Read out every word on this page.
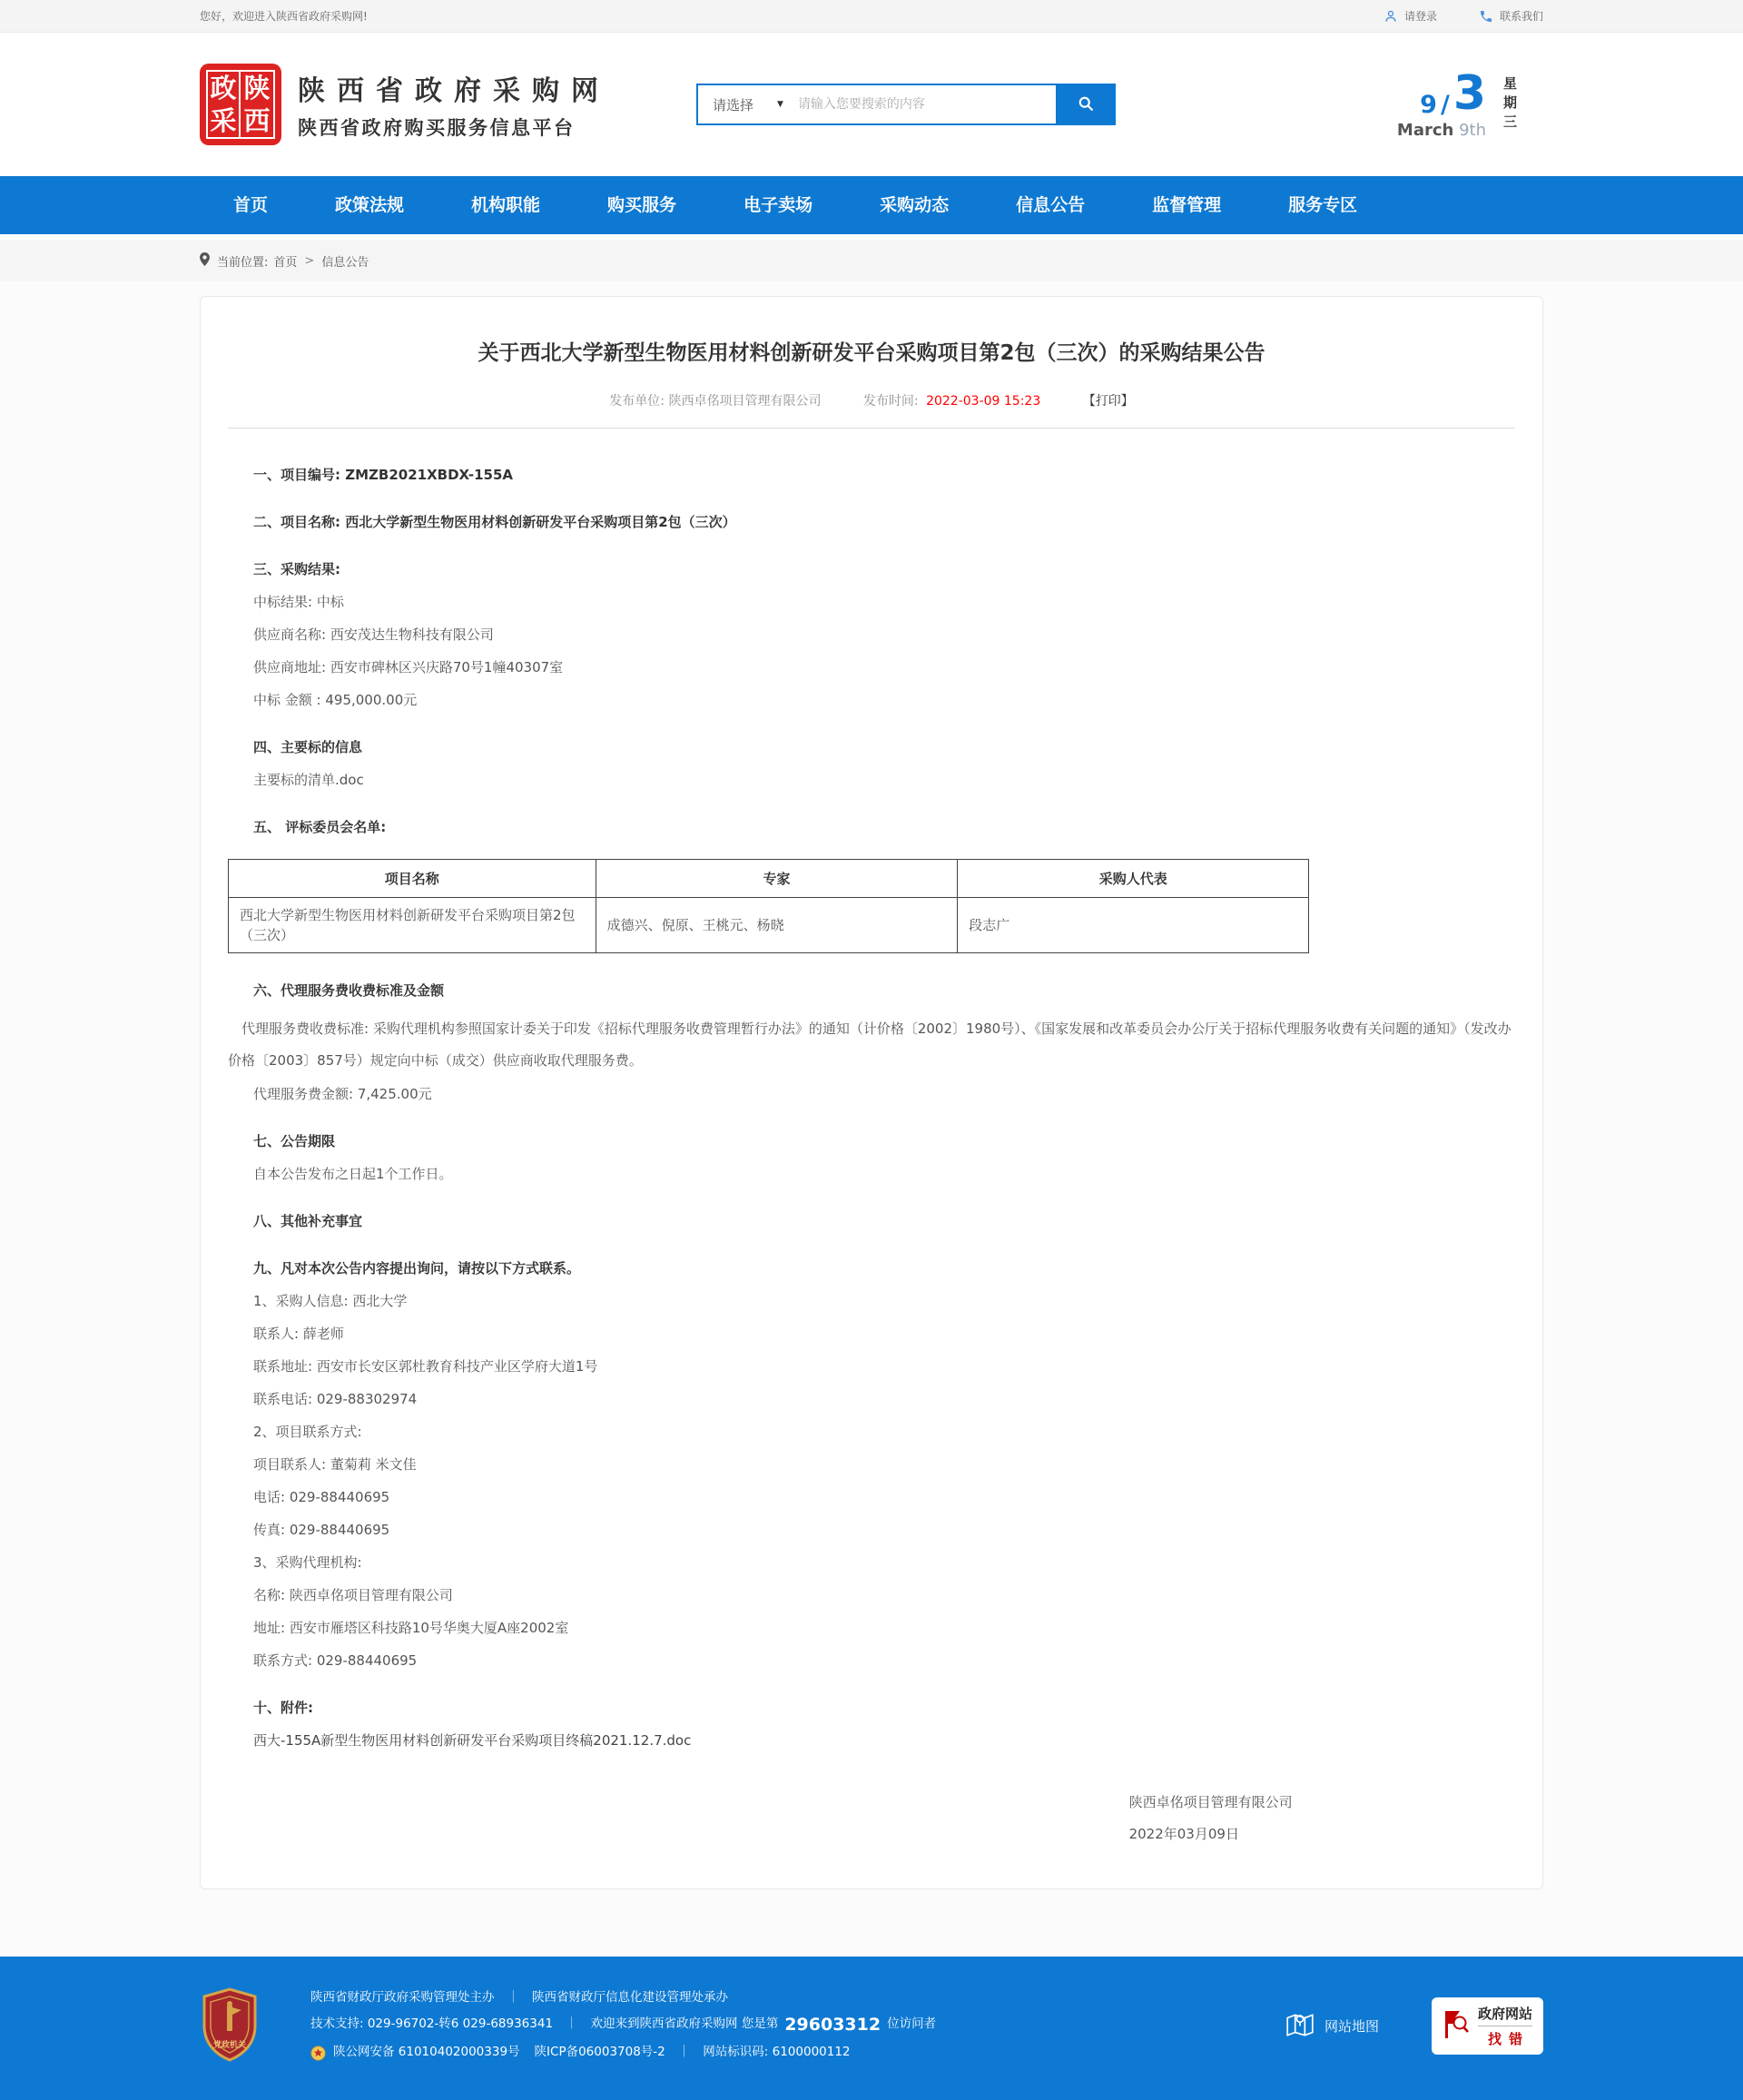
您好，欢迎进入陕西省政府采购网!	请登录	联系我们
政 陕
采 西
陕西省政府采购网
陕西省政府购买服务信息平台
请选择	▼
请输入您要搜索的内容	9 / 3
March 9th 星期三
首页	政策法规	机构职能	购买服务	电子卖场	采购动态	信息公告	监督管理	服务专区
当前位置: 首页 > 信息公告
关于西北大学新型生物医用材料创新研发平台采购项目第2包（三次）的采购结果公告
发布单位: 陕西卓佲项目管理有限公司	发布时间: 2022-03-09 15:23	【打印】
一、项目编号: ZMZB2021XBDX-155A
二、项目名称: 西北大学新型生物医用材料创新研发平台采购项目第2包（三次）
三、采购结果:

中标结果: 中标

供应商名称: 西安茂达生物科技有限公司

供应商地址: 西安市碑林区兴庆路70号1幢40307室

中标 金额 : 495,000.00元

四、主要标的信息

主要标的清单.doc

五、 评标委员会名单:
项目名称	专家	采购人代表
西北大学新型生物医用材料创新研发平台采购项目第2包（三次）	成德兴、倪原、王桃元、杨晓	段志广
六、代理服务费收费标准及金额

代理服务费收费标准: 采购代理机构参照国家计委关于印发《招标代理服务收费管理暂行办法》的通知（计价格〔2002〕1980号）、《国家发展和改革委员会办公厅关于招标代理服务收费有关问题的通知》（发改办价格〔2003〕857号）规定向中标（成交）供应商收取代理服务费。

代理服务费金额: 7,425.00元

七、公告期限

自本公告发布之日起1个工作日。

八、其他补充事宜
九、凡对本次公告内容提出询问，请按以下方式联系。

1、采购人信息: 西北大学

联系人: 薛老师

联系地址: 西安市长安区郭杜教育科技产业区学府大道1号

联系电话: 029-88302974

2、项目联系方式:

项目联系人: 董菊莉 米文佳

电话: 029-88440695

传真: 029-88440695

3、采购代理机构:

名称: 陕西卓佲项目管理有限公司

地址: 西安市雁塔区科技路10号华奥大厦A座2002室

联系方式: 029-88440695

十、附件:

西大-155A新型生物医用材料创新研发平台采购项目终稿2021.12.7.doc

陕西卓佲项目管理有限公司
2022年03月09日
党政机关
陕西省财政厅政府采购管理处主办 ｜ 陕西省财政厅信息化建设管理处承办
技术支持: 029-96702-转6 029-68936341 ｜ 欢迎来到陕西省政府采购网 您是第 29603312 位访问者
陕公网安备 61010402000339号 陕ICP备06003708号-2 ｜ 网站标识码: 6100000112
网站地图
政府网站
找错
